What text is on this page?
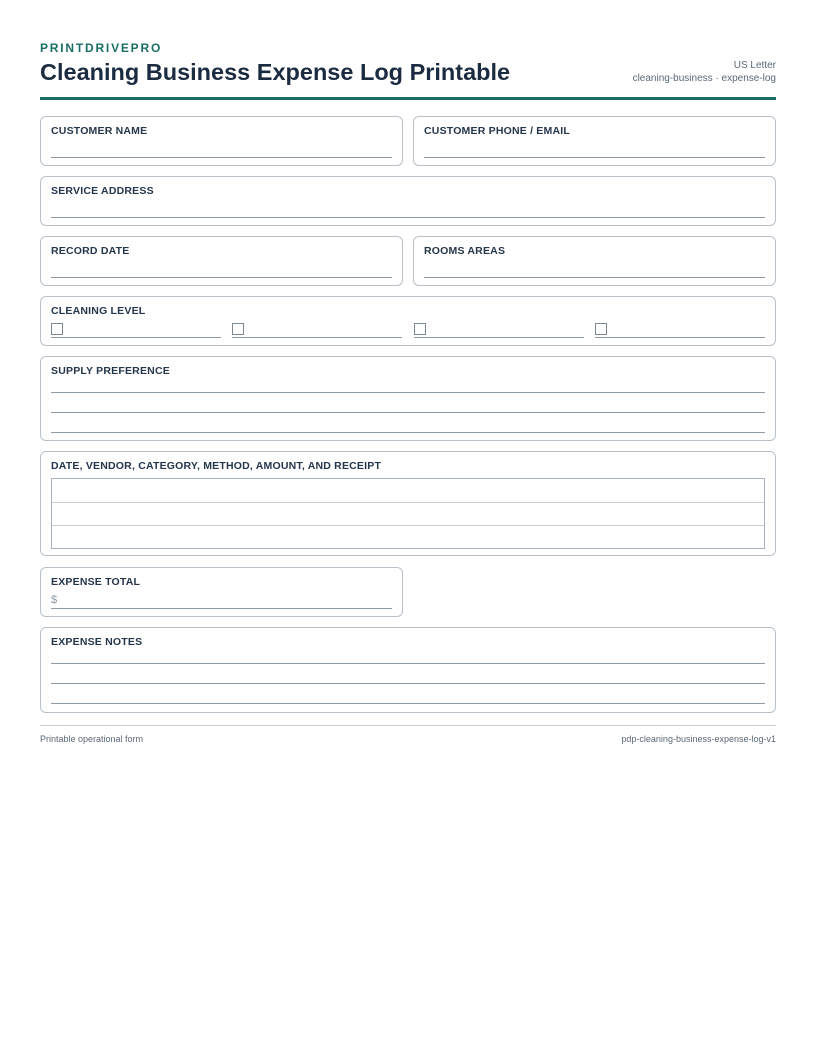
PRINTDRIVEPRO
Cleaning Business Expense Log Printable	US Letter
cleaning-business · expense-log
CUSTOMER NAME	CUSTOMER PHONE / EMAIL
SERVICE ADDRESS
RECORD DATE	ROOMS AREAS
CLEANING LEVEL
SUPPLY PREFERENCE
DATE, VENDOR, CATEGORY, METHOD, AMOUNT, AND RECEIPT
EXPENSE TOTAL
$
EXPENSE NOTES
Printable operational form	pdp-cleaning-business-expense-log-v1
